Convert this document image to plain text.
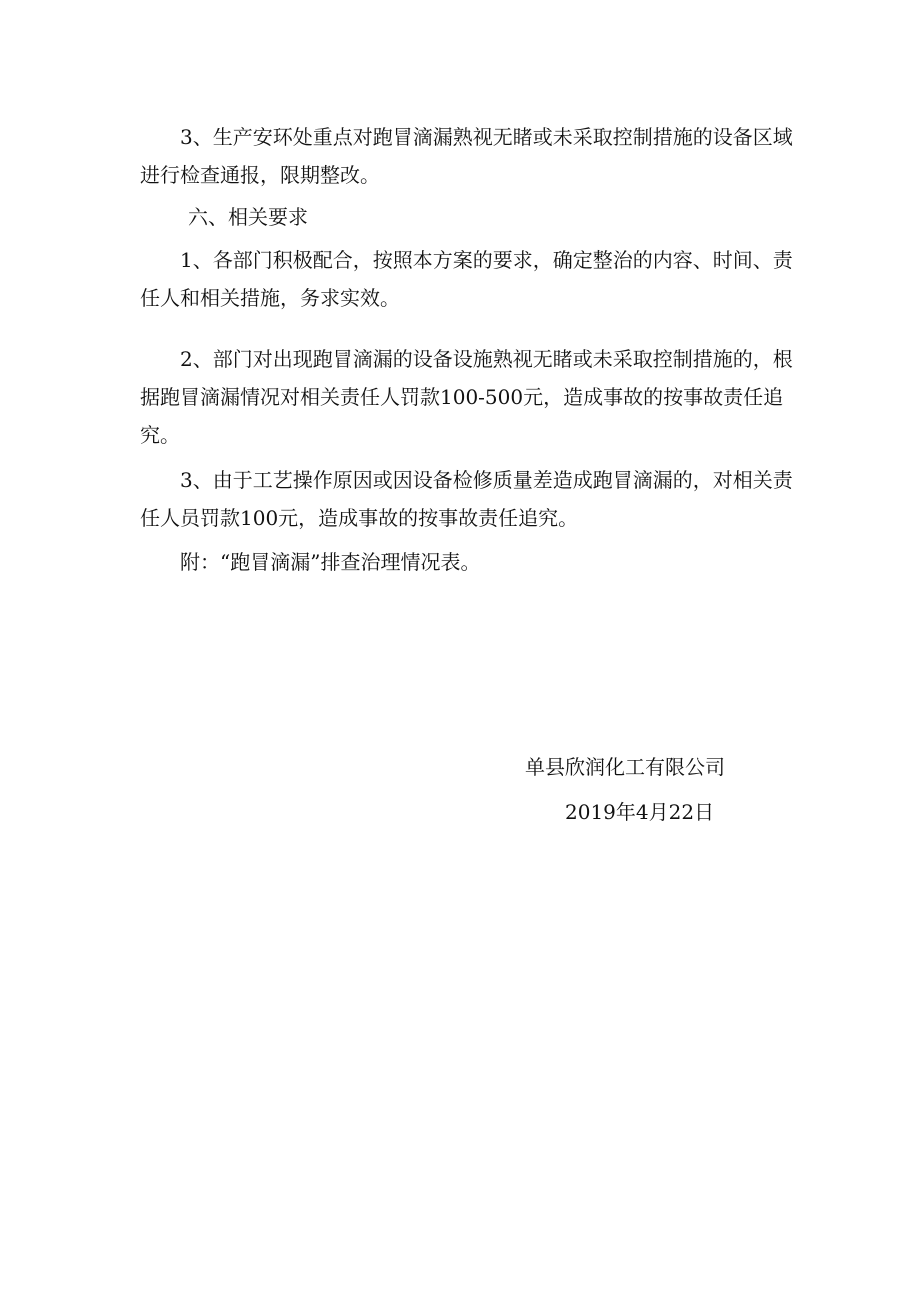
3、生产安环处重点对跑冒滴漏熟视无睹或未采取控制措施的设备区域进行检查通报，限期整改。

六、相关要求

1、各部门积极配合，按照本方案的要求，确定整治的内容、时间、责任人和相关措施，务求实效。

2、部门对出现跑冒滴漏的设备设施熟视无睹或未采取控制措施的，根据跑冒滴漏情况对相关责任人罚款100-500元，造成事故的按事故责任追究。

3、由于工艺操作原因或因设备检修质量差造成跑冒滴漏的，对相关责任人员罚款100元，造成事故的按事故责任追究。

附：“跑冒滴漏”排查治理情况表。

单县欣润化工有限公司

2019年4月22日
